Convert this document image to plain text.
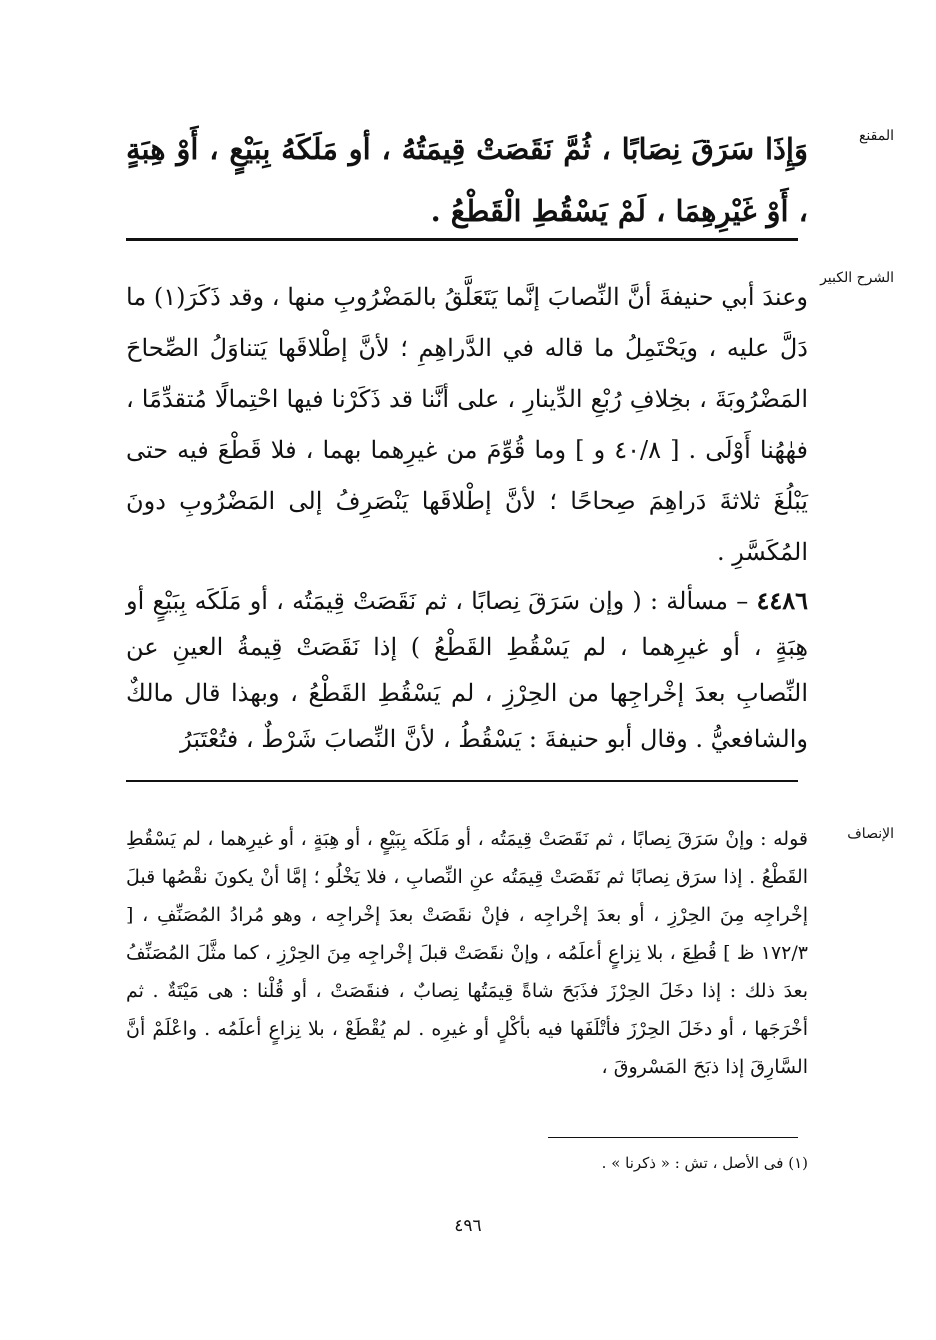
المقنع

وَإِذَا سَرَقَ نِصَابًا ، ثُمَّ نَقَصَتْ قِيمَتُهُ ، أو مَلَكَهُ بِبَيْعٍ ، أَوْ هِبَةٍ ، أَوْ غَيْرِهِمَا ، لَمْ يَسْقُطِ الْقَطْعُ .

الشرح الكبير

وعندَ أبي حنيفةَ أنَّ النِّصابَ إنَّما يَتَعَلَّقُ بالمَضْرُوبِ منها ، وقد ذَكَرَ(١) ما دَلَّ عليه ، ويَحْتَمِلُ ما قاله في الدَّراهِمِ ؛ لأنَّ إطْلاقَها يَتناوَلُ الصِّحاحَ المَضْرُوبَةَ ، بخِلافِ رُبْعِ الدِّينارِ ، على أنَّنا قد ذَكَرْنا فيها احْتِمالًا مُتقدِّمًا ، فهٰهُنا أَوْلَى . [ ٤٠/٨ و ] وما قُوِّمَ من غيرِهما بهما ، فلا قَطْعَ فيه حتى يَبْلُغَ ثلاثةَ دَراهِمَ صِحاحًا ؛ لأنَّ إطْلاقَها يَنْصَرِفُ إلى المَضْرُوبِ دونَ المُكَسَّرِ .

٤٤٨٦ – مسألة : ( وإن سَرَقَ نِصابًا ، ثم نَقَصَتْ قِيمَتُه ، أو مَلَكَه بِبَيْعٍ أو هِبَةٍ ، أو غيرِهما ، لم يَسْقُطِ القَطْعُ ) إذا نَقَصَتْ قِيمةُ العينِ عن النِّصابِ بعدَ إخْراجِها من الحِرْزِ ، لم يَسْقُطِ القَطْعُ ، وبهذا قال مالكٌ والشافعيُّ . وقال أبو حنيفةَ : يَسْقُطُ ، لأنَّ النِّصابَ شَرْطٌ ، فتُعْتَبَرُ

الإنصاف

قوله : وإنْ سَرَقَ نِصابًا ، ثم نَقَصَتْ قِيمَتُه ، أو مَلَكَه بِبَيْعٍ ، أو هِبَةٍ ، أو غيرِهما ، لم يَسْقُطِ القَطْعُ . إذا سرَق نِصابًا ثم نَقَصَتْ قِيمَتُه عنِ النِّصابِ ، فلا يَخْلُو ؛ إمَّا أنْ يكونَ نقْصُها قبلَ إخْراجِه مِنَ الحِرْزِ ، أو بعدَ إخْراجِه ، فإنْ نقَصَتْ بعدَ إخْراجِه ، وهو مُرادُ المُصَنِّفِ ، [ ١٧٢/٣ ظ ] قُطِعَ ، بلا نِزاعٍ أعلَمُه ، وإنْ نقَصَتْ قبلَ إخْراجِه مِنَ الحِرْزِ ، كما مثَّلَ المُصَنِّفُ بعدَ ذلك : إذا دخَلَ الحِرْزَ فذَبَحَ شاةً قِيمَتُها نِصابٌ ، فنقَصَتْ ، أو قُلْنا : هى مَيْتَةٌ . ثم أخْرَجَها ، أو دخَلَ الحِرْزَ فأتْلَفَها فيه بأكْلٍ أو غيرِه . لم يُقْطَعْ ، بلا نِزاعٍ أعلَمُه . واعْلَمْ أنَّ السَّارِقَ إذا ذبَحَ المَسْروقَ ،

(١) فى الأصل ، تش : « ذكرنا » .
٤٩٦
